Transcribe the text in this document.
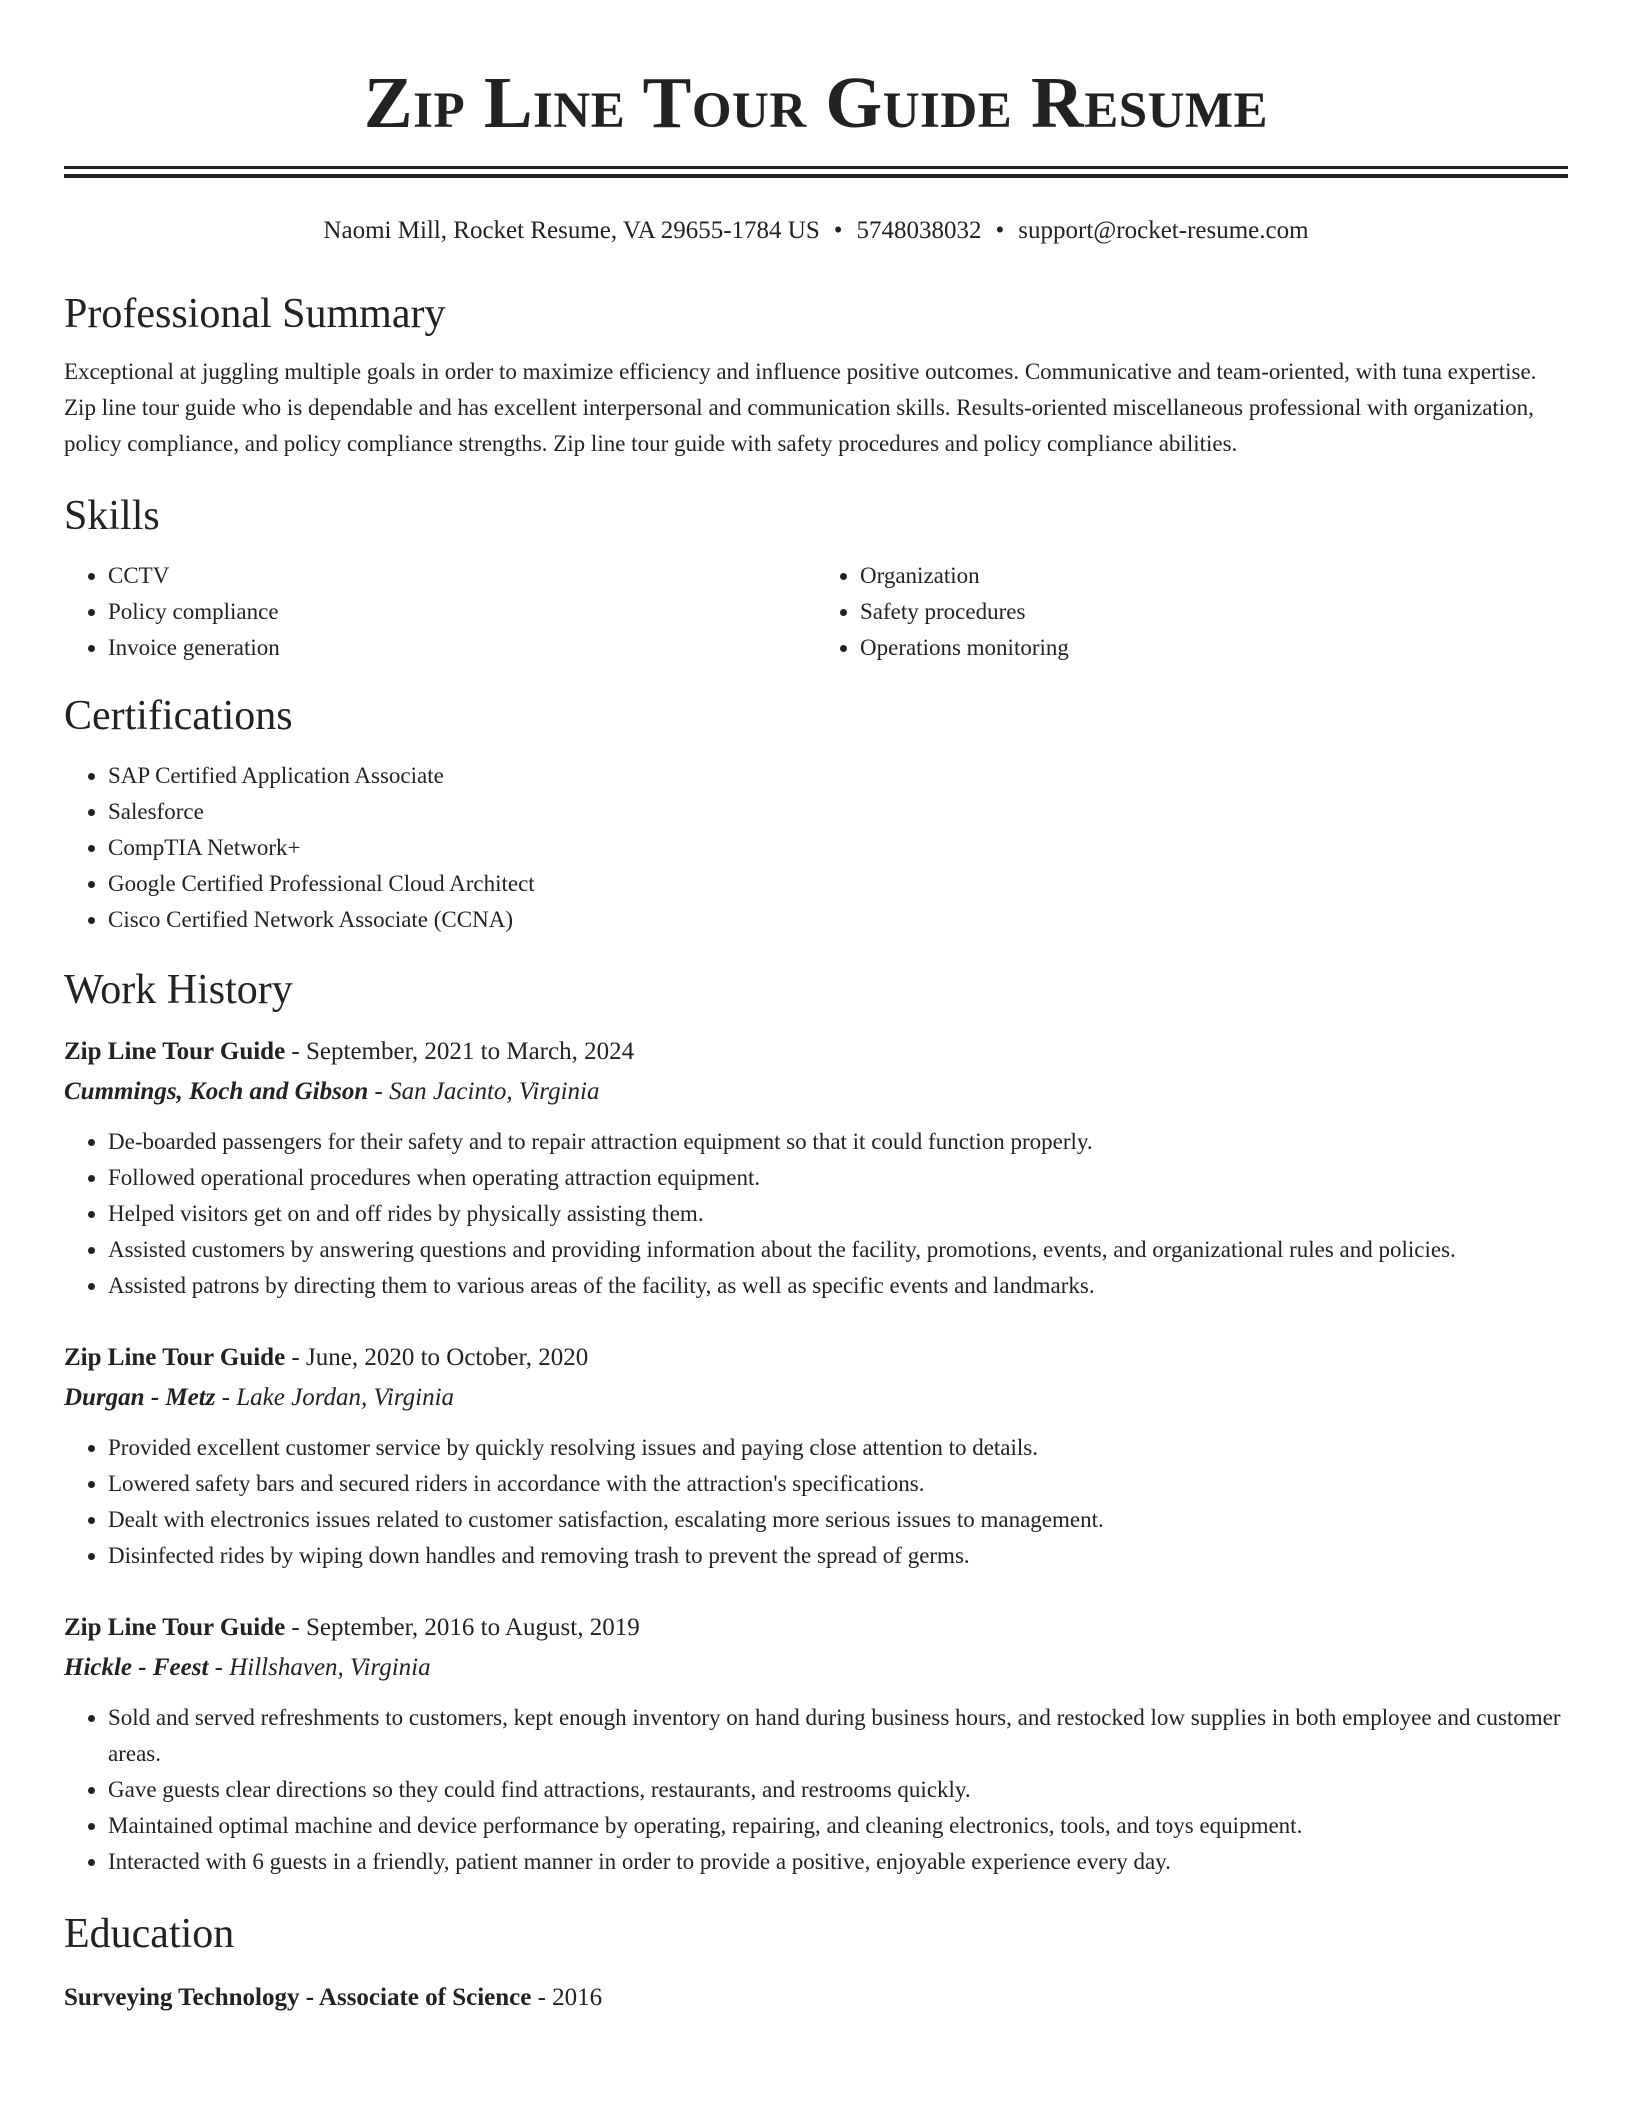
Zip Line Tour Guide Resume
Naomi Mill, Rocket Resume, VA 29655-1784 US • 5748038032 • support@rocket-resume.com
Professional Summary

Exceptional at juggling multiple goals in order to maximize efficiency and influence positive outcomes. Communicative and team-oriented, with tuna expertise. Zip line tour guide who is dependable and has excellent interpersonal and communication skills. Results-oriented miscellaneous professional with organization, policy compliance, and policy compliance strengths. Zip line tour guide with safety procedures and policy compliance abilities.

Skills
• CCTV
• Policy compliance
• Invoice generation
• Organization
• Safety procedures
• Operations monitoring
Certifications
• SAP Certified Application Associate
• Salesforce
• CompTIA Network+
• Google Certified Professional Cloud Architect
• Cisco Certified Network Associate (CCNA)
Work History
Zip Line Tour Guide - September, 2021 to March, 2024
Cummings, Koch and Gibson - San Jacinto, Virginia
• De-boarded passengers for their safety and to repair attraction equipment so that it could function properly.
• Followed operational procedures when operating attraction equipment.
• Helped visitors get on and off rides by physically assisting them.
• Assisted customers by answering questions and providing information about the facility, promotions, events, and organizational rules and policies.
• Assisted patrons by directing them to various areas of the facility, as well as specific events and landmarks.
Zip Line Tour Guide - June, 2020 to October, 2020
Durgan - Metz - Lake Jordan, Virginia
• Provided excellent customer service by quickly resolving issues and paying close attention to details.
• Lowered safety bars and secured riders in accordance with the attraction's specifications.
• Dealt with electronics issues related to customer satisfaction, escalating more serious issues to management.
• Disinfected rides by wiping down handles and removing trash to prevent the spread of germs.
Zip Line Tour Guide - September, 2016 to August, 2019
Hickle - Feest - Hillshaven, Virginia
• Sold and served refreshments to customers, kept enough inventory on hand during business hours, and restocked low supplies in both employee and customer areas.
• Gave guests clear directions so they could find attractions, restaurants, and restrooms quickly.
• Maintained optimal machine and device performance by operating, repairing, and cleaning electronics, tools, and toys equipment.
• Interacted with 6 guests in a friendly, patient manner in order to provide a positive, enjoyable experience every day.
Education
Surveying Technology - Associate of Science - 2016
